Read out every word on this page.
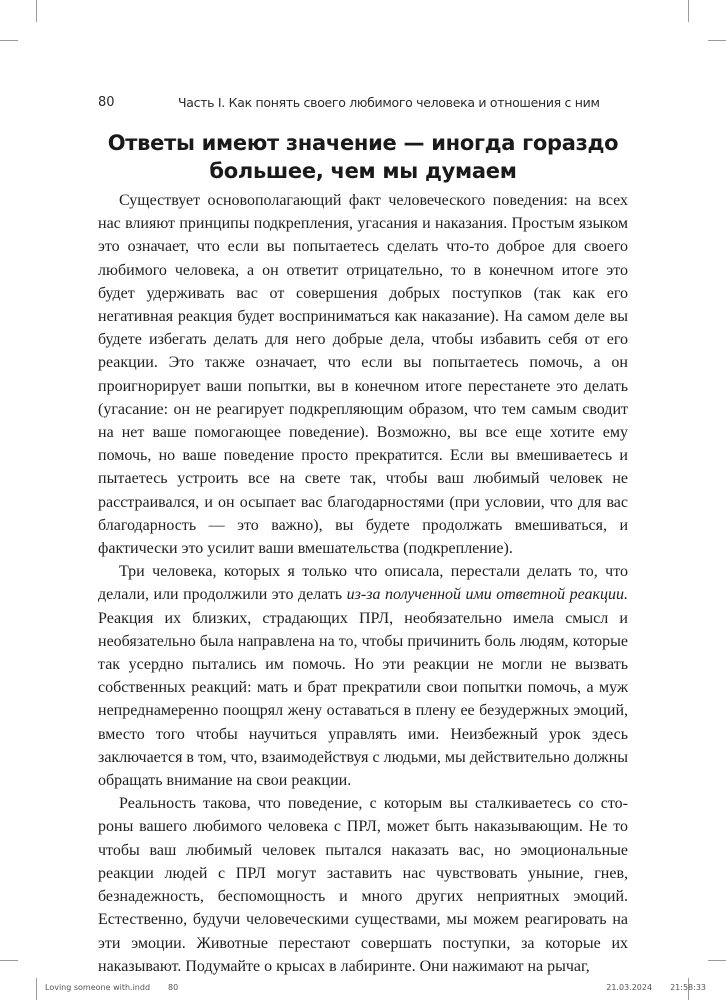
80	Часть I. Как понять своего любимого человека и отношения с ним
Ответы имеют значение — иногда гораздо большее, чем мы думаем

Существует основополагающий факт человеческого поведения: на всех нас влияют принципы подкрепления, угасания и наказания. Простым языком это означает, что если вы попытаетесь сделать что-то доброе для своего любимого человека, а он ответит отрицательно, то в конечном итоге это будет удерживать вас от совершения добрых поступков (так как его негативная реакция будет восприниматься как наказание). На самом деле вы будете избегать делать для него добрые дела, чтобы избавить себя от его реакции. Это также означает, что если вы попытаетесь помочь, а он проигнорирует ваши попытки, вы в конечном итоге перестанете это делать (угасание: он не реагирует подкрепляющим образом, что тем самым сводит на нет ваше помогающее поведение). Возможно, вы все еще хотите ему помочь, но ваше поведение просто прекратится. Если вы вмешиваетесь и пытаетесь устроить все на свете так, чтобы ваш любимый человек не расстраивался, и он осыпает вас благодарностями (при условии, что для вас благодарность — это важно), вы будете продолжать вмешиваться, и фактически это усилит ваши вмешательства (подкрепление).

Три человека, которых я только что описала, перестали делать то, что делали, или продолжили это делать из-за полученной ими ответной реакции. Реакция их близких, страдающих ПРЛ, необязательно имела смысл и необязательно была направлена на то, чтобы причинить боль людям, которые так усердно пытались им помочь. Но эти реакции не могли не вызвать собственных реакций: мать и брат прекратили свои попытки помочь, а муж непреднамеренно поощрял жену оставаться в плену ее безудержных эмоций, вместо того чтобы научиться управлять ими. Неизбежный урок здесь заключается в том, что, взаимодействуя с людьми, мы действительно должны обращать внимание на свои реакции.

Реальность такова, что поведение, с которым вы сталкиваетесь со стороны вашего любимого человека с ПРЛ, может быть наказывающим. Не то чтобы ваш любимый человек пытался наказать вас, но эмоциональные реакции людей с ПРЛ могут заставить нас чувствовать уныние, гнев, безнадежность, беспомощность и много других неприятных эмоций. Естественно, будучи человеческими существами, мы можем реагировать на эти эмоции. Животные перестают совершать поступки, за которые их наказывают. Подумайте о крысах в лабиринте. Они нажимают на рычаг,

Loving someone with.indd 80	21.03.2024 21:58:33
